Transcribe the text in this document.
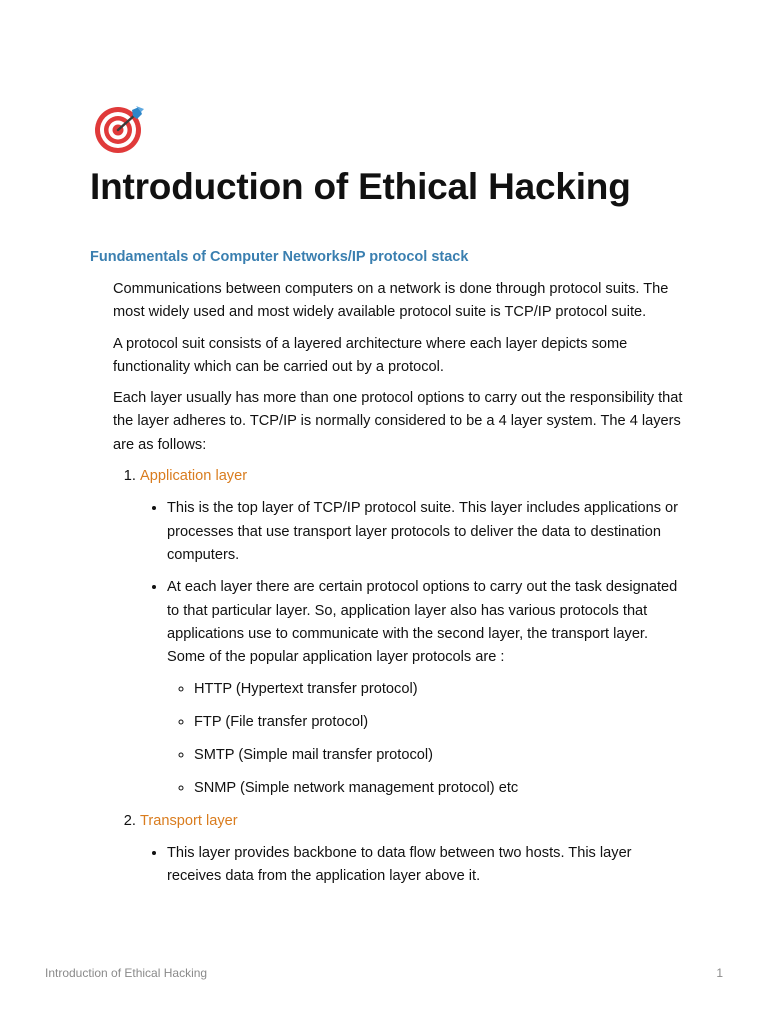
Introduction of Ethical Hacking
Fundamentals of Computer Networks/IP protocol stack

Communications between computers on a network is done through protocol suits. The most widely used and most widely available protocol suite is TCP/IP protocol suite.

A protocol suit consists of a layered architecture where each layer depicts some functionality which can be carried out by a protocol.

Each layer usually has more than one protocol options to carry out the responsibility that the layer adheres to. TCP/IP is normally considered to be a 4 layer system. The 4 layers are as follows:

1. Application layer
• This is the top layer of TCP/IP protocol suite. This layer includes applications or processes that use transport layer protocols to deliver the data to destination computers.
• At each layer there are certain protocol options to carry out the task designated to that particular layer. So, application layer also has various protocols that applications use to communicate with the second layer, the transport layer. Some of the popular application layer protocols are :
◦ HTTP (Hypertext transfer protocol)
◦ FTP (File transfer protocol)
◦ SMTP (Simple mail transfer protocol)
◦ SNMP (Simple network management protocol) etc
2. Transport layer
• This layer provides backbone to data flow between two hosts. This layer receives data from the application layer above it.
Introduction of Ethical Hacking	1
